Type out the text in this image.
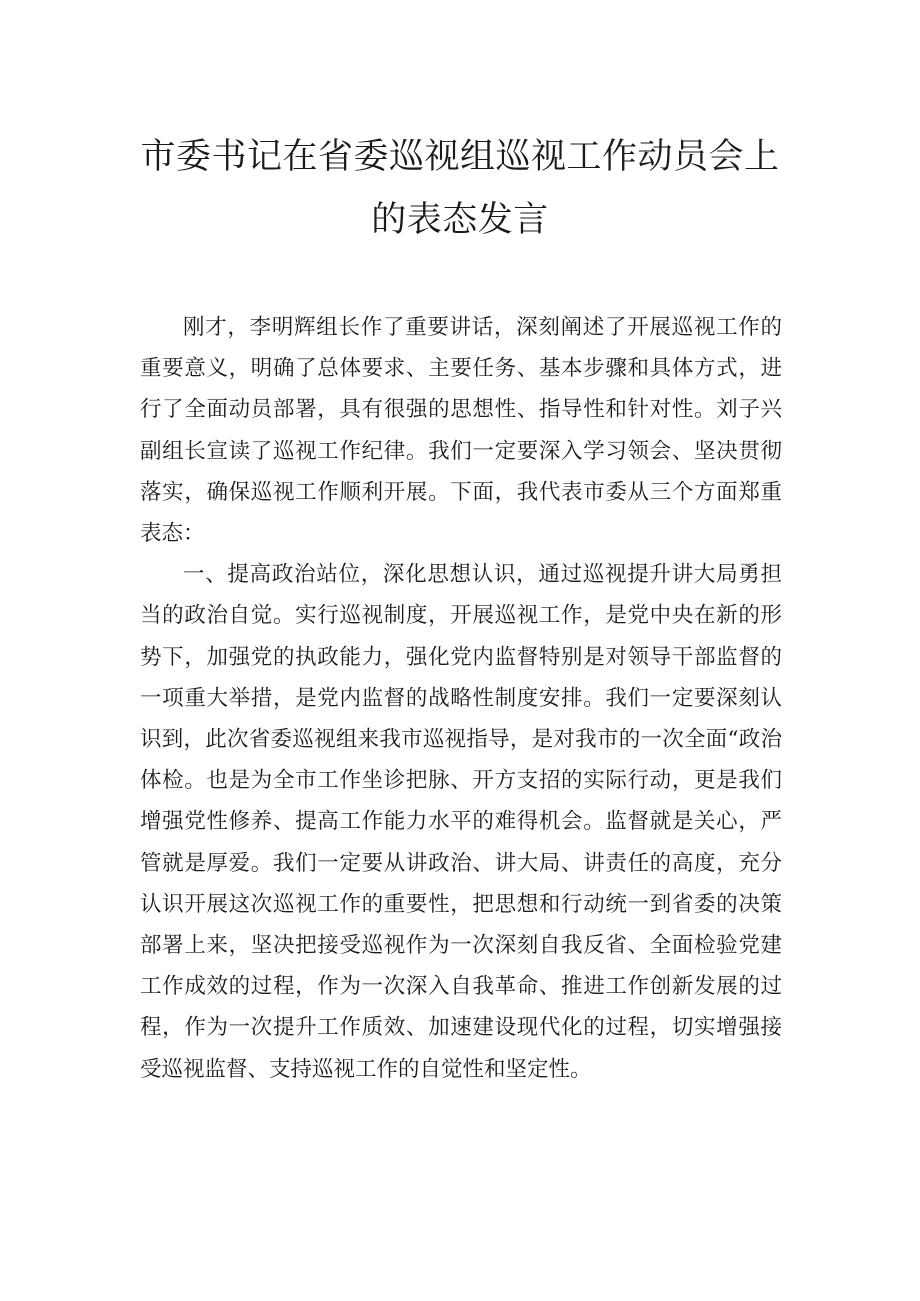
市委书记在省委巡视组巡视工作动员会上的表态发言

刚才，李明辉组长作了重要讲话，深刻阐述了开展巡视工作的重要意义，明确了总体要求、主要任务、基本步骤和具体方式，进行了全面动员部署，具有很强的思想性、指导性和针对性。刘子兴副组长宣读了巡视工作纪律。我们一定要深入学习领会、坚决贯彻落实，确保巡视工作顺利开展。下面，我代表市委从三个方面郑重表态：

一、提高政治站位，深化思想认识，通过巡视提升讲大局勇担当的政治自觉。实行巡视制度，开展巡视工作，是党中央在新的形势下，加强党的执政能力，强化党内监督特别是对领导干部监督的一项重大举措，是党内监督的战略性制度安排。我们一定要深刻认识到，此次省委巡视组来我市巡视指导，是对我市的一次全面“政治体检。也是为全市工作坐诊把脉、开方支招的实际行动，更是我们增强党性修养、提高工作能力水平的难得机会。监督就是关心，严管就是厚爱。我们一定要从讲政治、讲大局、讲责任的高度，充分认识开展这次巡视工作的重要性，把思想和行动统一到省委的决策部署上来，坚决把接受巡视作为一次深刻自我反省、全面检验党建工作成效的过程，作为一次深入自我革命、推进工作创新发展的过程，作为一次提升工作质效、加速建设现代化的过程，切实增强接受巡视监督、支持巡视工作的自觉性和坚定性。
